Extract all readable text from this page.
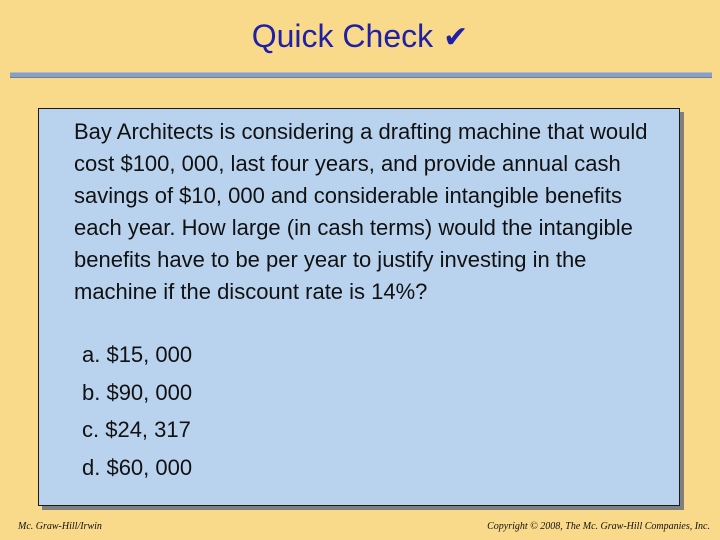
Quick Check ✔

Bay Architects is considering a drafting machine that would cost $100, 000, last four years, and provide annual cash savings of $10, 000 and considerable intangible benefits each year. How large (in cash terms) would the intangible benefits have to be per year to justify investing in the machine if the discount rate is 14%?

a. $15, 000
b. $90, 000
c. $24, 317
d. $60, 000
Mc. Graw-Hill/Irwin	Copyright © 2008, The Mc. Graw-Hill Companies, Inc.
